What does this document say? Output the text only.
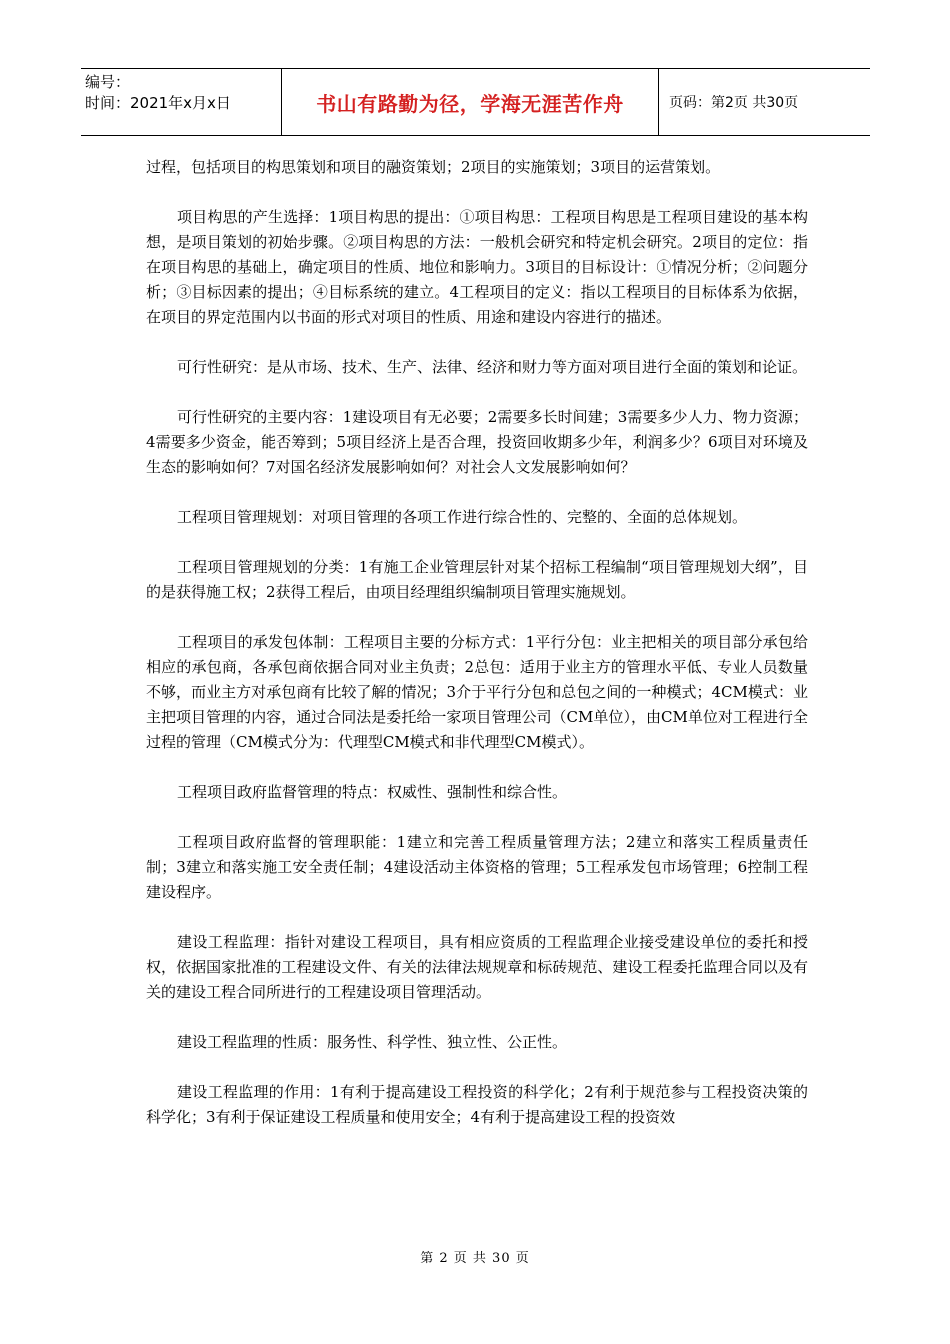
编号：
时间：2021年x月x日	书山有路勤为径，学海无涯苦作舟	页码：第2页 共30页

过程，包括项目的构思策划和项目的融资策划；2项目的实施策划；3项目的运营策划。

项目构思的产生选择：1项目构思的提出：①项目构思：工程项目构思是工程项目建设的基本构想，是项目策划的初始步骤。②项目构思的方法：一般机会研究和特定机会研究。2项目的定位：指在项目构思的基础上，确定项目的性质、地位和影响力。3项目的目标设计：①情况分析；②问题分析；③目标因素的提出；④目标系统的建立。4工程项目的定义：指以工程项目的目标体系为依据，在项目的界定范围内以书面的形式对项目的性质、用途和建设内容进行的描述。

可行性研究：是从市场、技术、生产、法律、经济和财力等方面对项目进行全面的策划和论证。

可行性研究的主要内容：1建设项目有无必要；2需要多长时间建；3需要多少人力、物力资源；4需要多少资金，能否筹到；5项目经济上是否合理，投资回收期多少年，利润多少？6项目对环境及生态的影响如何？7对国名经济发展影响如何？对社会人文发展影响如何？

工程项目管理规划：对项目管理的各项工作进行综合性的、完整的、全面的总体规划。

工程项目管理规划的分类：1有施工企业管理层针对某个招标工程编制“项目管理规划大纲”，目的是获得施工权；2获得工程后，由项目经理组织编制项目管理实施规划。

工程项目的承发包体制：工程项目主要的分标方式：1平行分包：业主把相关的项目部分承包给相应的承包商，各承包商依据合同对业主负责；2总包：适用于业主方的管理水平低、专业人员数量不够，而业主方对承包商有比较了解的情况；3介于平行分包和总包之间的一种模式；4CM模式：业主把项目管理的内容，通过合同法是委托给一家项目管理公司（CM单位），由CM单位对工程进行全过程的管理（CM模式分为：代理型CM模式和非代理型CM模式）。

工程项目政府监督管理的特点：权威性、强制性和综合性。

工程项目政府监督的管理职能：1建立和完善工程质量管理方法；2建立和落实工程质量责任制；3建立和落实施工安全责任制；4建设活动主体资格的管理；5工程承发包市场管理；6控制工程建设程序。

建设工程监理：指针对建设工程项目，具有相应资质的工程监理企业接受建设单位的委托和授权，依据国家批准的工程建设文件、有关的法律法规规章和标砖规范、建设工程委托监理合同以及有关的建设工程合同所进行的工程建设项目管理活动。

建设工程监理的性质：服务性、科学性、独立性、公正性。

建设工程监理的作用：1有利于提高建设工程投资的科学化；2有利于规范参与工程投资决策的科学化；3有利于保证建设工程质量和使用安全；4有利于提高建设工程的投资效

第 2 页 共 30 页
